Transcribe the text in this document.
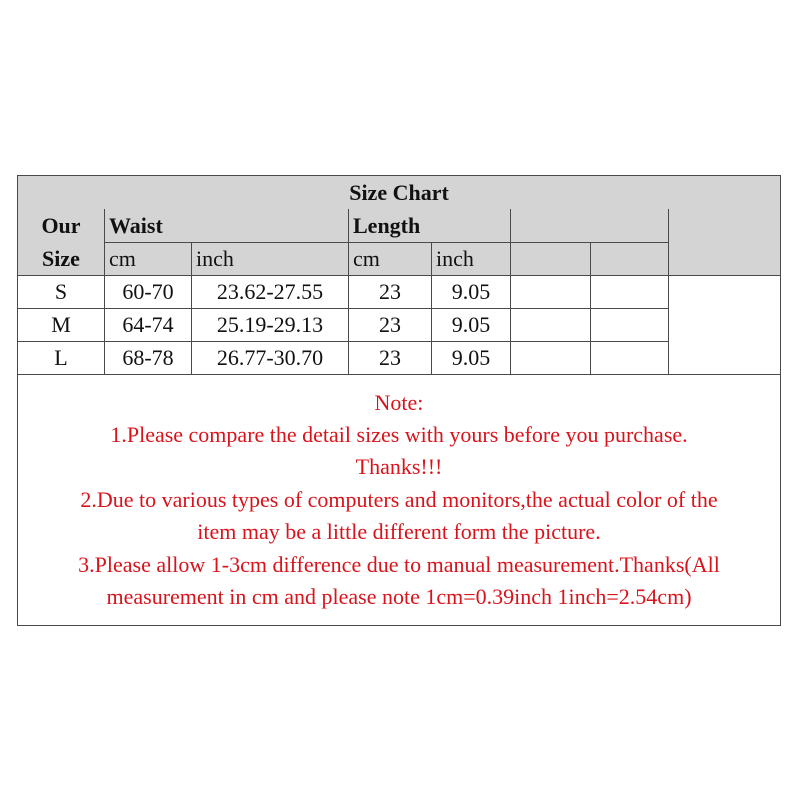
Size Chart
Our
Size
Waist	Length
cm	inch	cm	inch
S	60-70	23.62-27.55	23	9.05
M	64-74	25.19-29.13	23	9.05
L	68-78	26.77-30.70	23	9.05
Note:
1.Please compare the detail sizes with yours before you purchase.
Thanks!!!
2.Due to various types of computers and monitors,the actual color of the
item may be a little different form the picture.
3.Please allow 1-3cm difference due to manual measurement.Thanks(All
measurement in cm and please note 1cm=0.39inch 1inch=2.54cm)
